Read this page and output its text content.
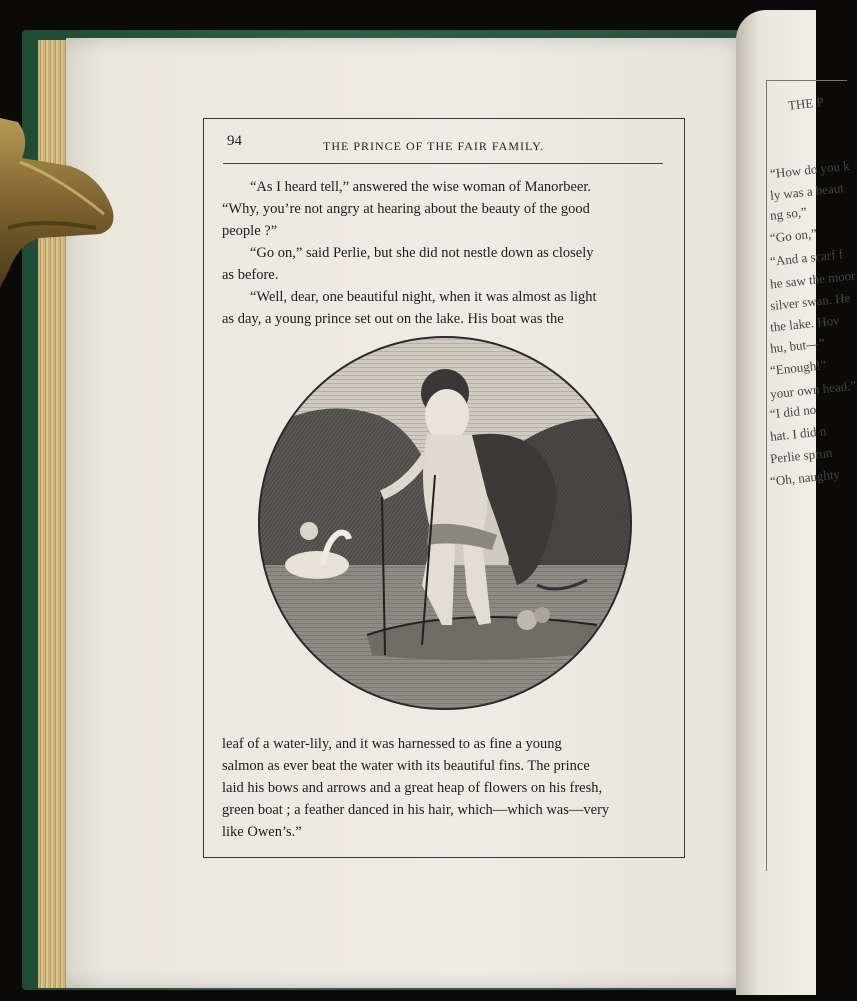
THE P
“How do you k
ly was a beaut
ng so,”
“Go on,”
“And a scarf f
he saw the moor
silver swan. He
the lake. Hov
hu, but—”
“Enough!”
your own head.”
“I did no
hat. I did n
Perlie sprun
“Oh, naughty
94	THE PRINCE OF THE FAIR FAMILY.

“As I heard tell,” answered the wise woman of Manorbeer.
“Why, you’re not angry at hearing about the beauty of the good
people ?”
“Go on,” said Perlie, but she did not nestle down as closely
as before.
“Well, dear, one beautiful night, when it was almost as light
as day, a young prince set out on the lake. His boat was the

leaf of a water-lily, and it was harnessed to as fine a young
salmon as ever beat the water with its beautiful fins. The prince
laid his bows and arrows and a great heap of flowers on his fresh,
green boat ; a feather danced in his hair, which—which was—very
like Owen’s.”
